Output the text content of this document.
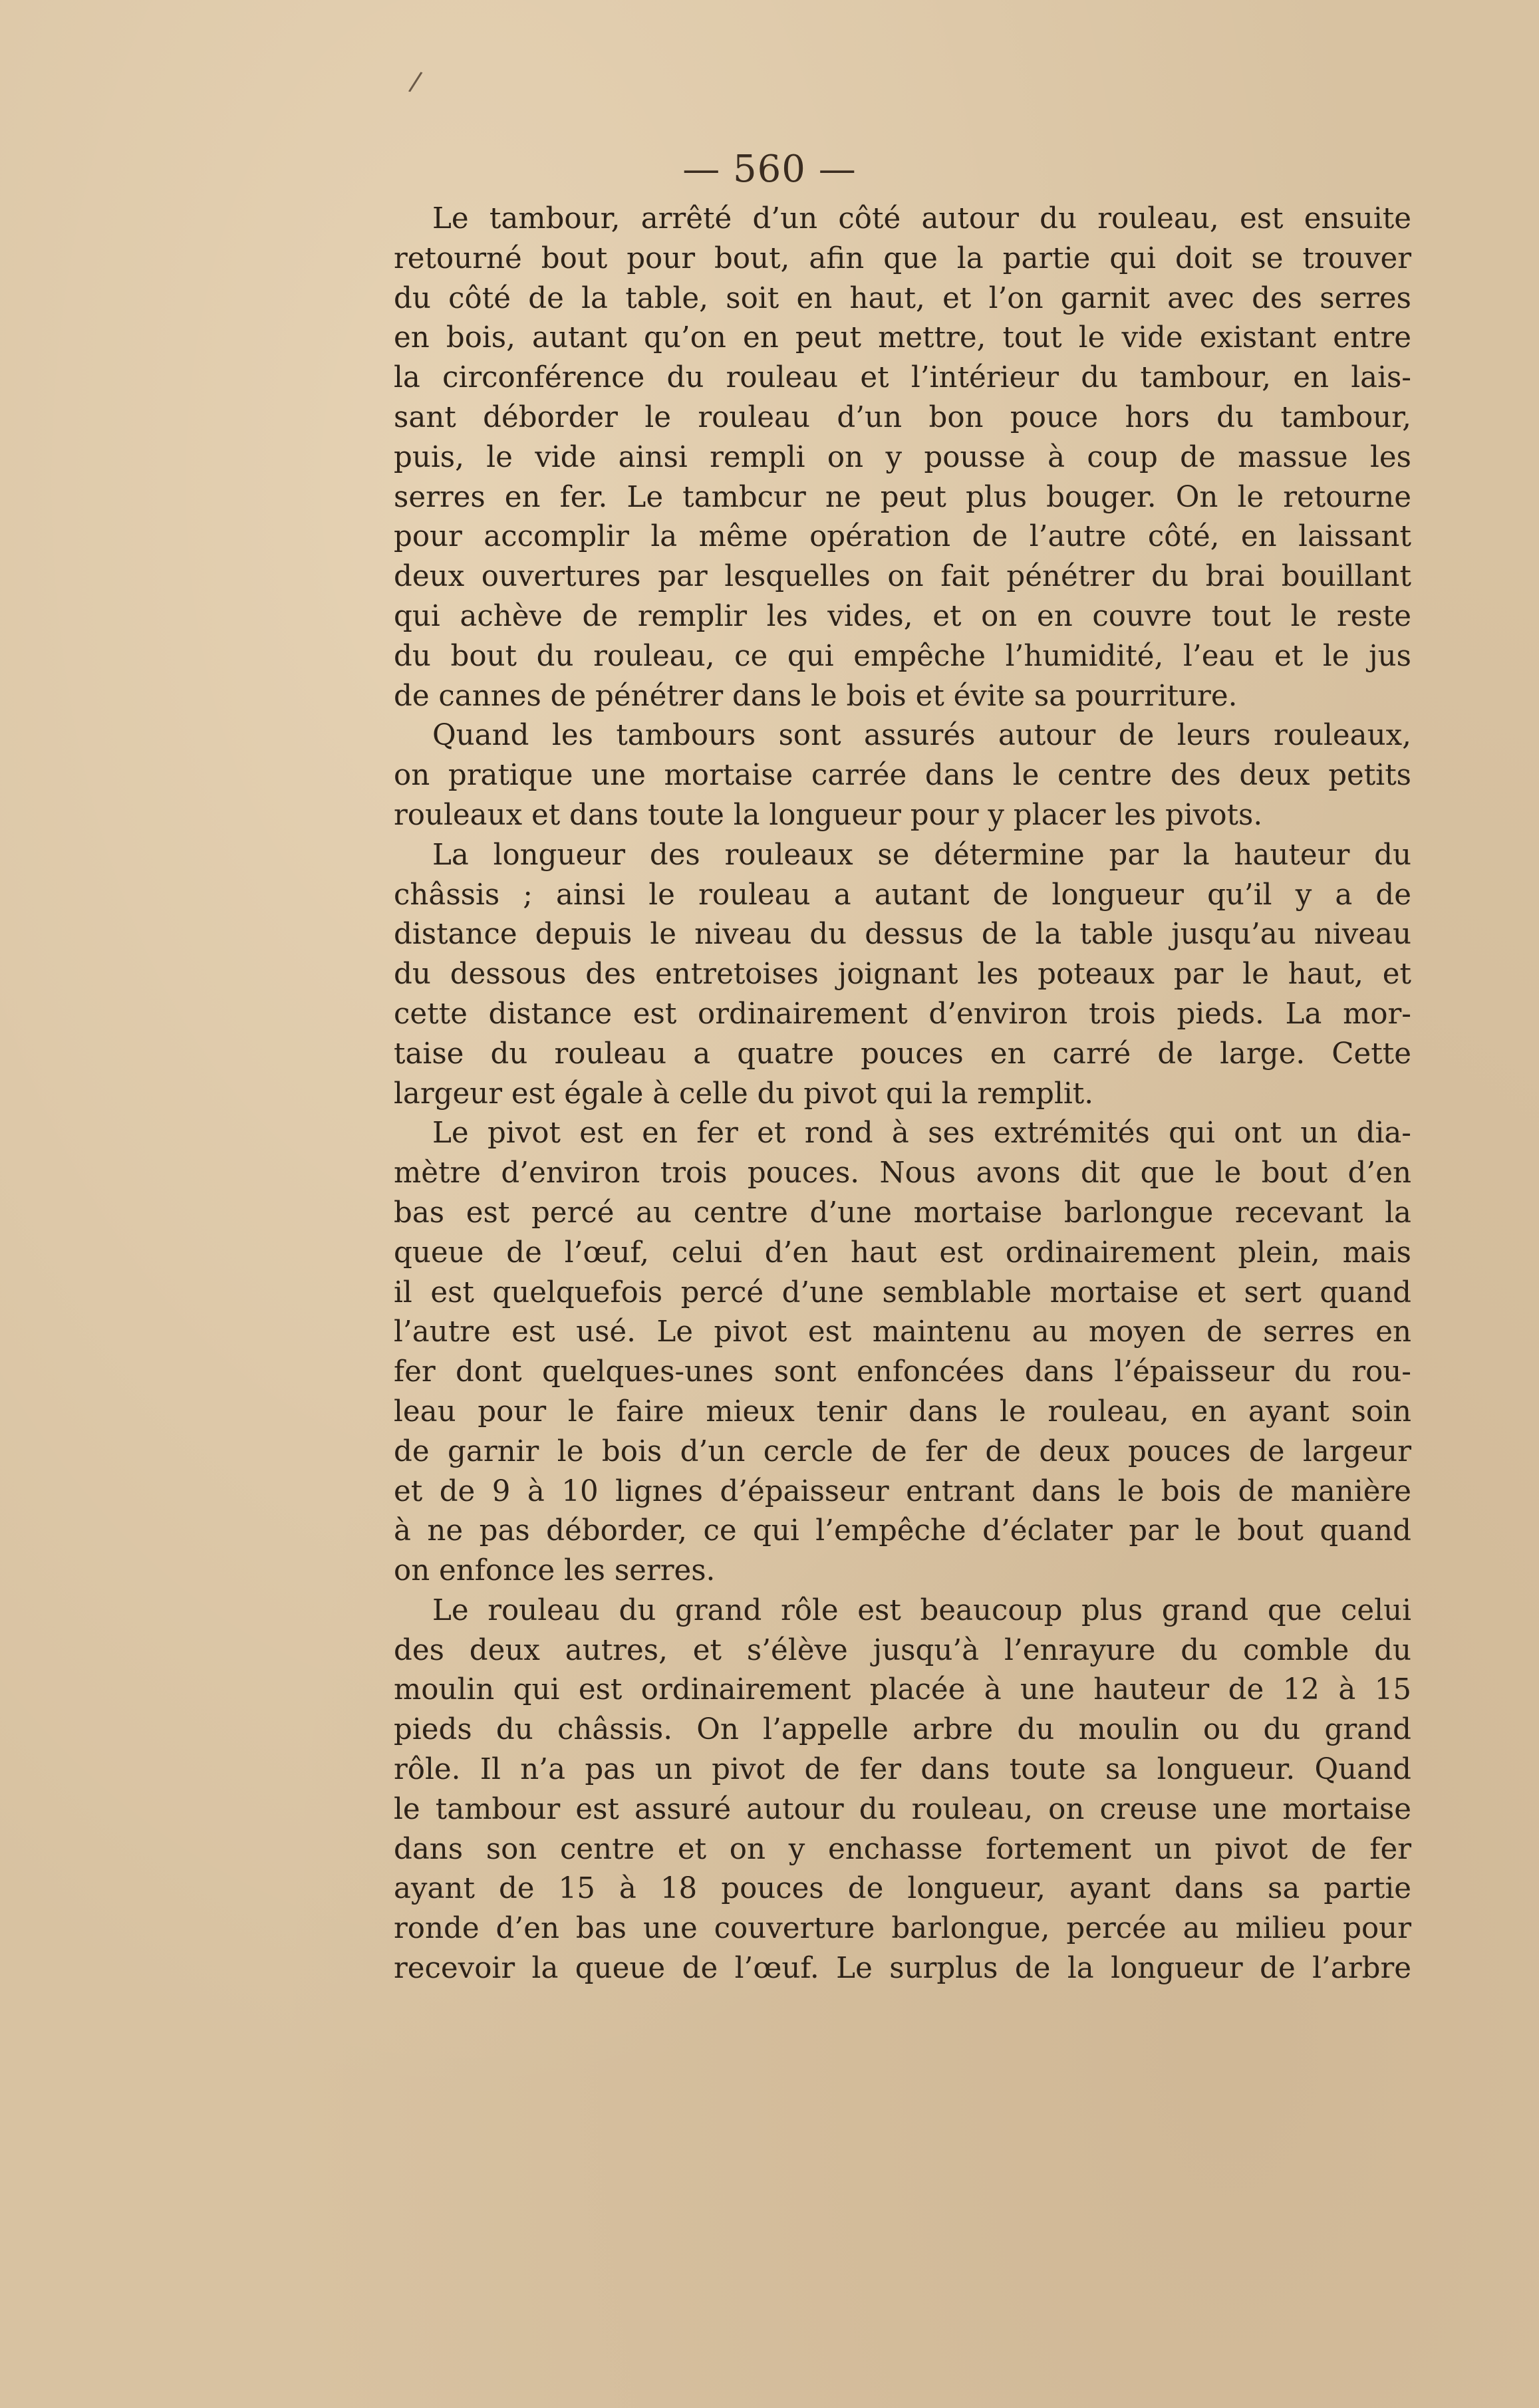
/
— 560 —
Le tambour, arrêté d’un côté autour du rouleau, est ensuite
retourné bout pour bout, afin que la partie qui doit se trouver
du côté de la table, soit en haut, et l’on garnit avec des serres
en bois, autant qu’on en peut mettre, tout le vide existant entre
la circonférence du rouleau et l’intérieur du tambour, en lais-
sant déborder le rouleau d’un bon pouce hors du tambour,
puis, le vide ainsi rempli on y pousse à coup de massue les
serres en fer. Le tambcur ne peut plus bouger. On le retourne
pour accomplir la même opération de l’autre côté, en laissant
deux ouvertures par lesquelles on fait pénétrer du brai bouillant
qui achève de remplir les vides, et on en couvre tout le reste
du bout du rouleau, ce qui empêche l’humidité, l’eau et le jus
de cannes de pénétrer dans le bois et évite sa pourriture.
Quand les tambours sont assurés autour de leurs rouleaux,
on pratique une mortaise carrée dans le centre des deux petits
rouleaux et dans toute la longueur pour y placer les pivots.
La longueur des rouleaux se détermine par la hauteur du
châssis ; ainsi le rouleau a autant de longueur qu’il y a de
distance depuis le niveau du dessus de la table jusqu’au niveau
du dessous des entretoises joignant les poteaux par le haut, et
cette distance est ordinairement d’environ trois pieds. La mor-
taise du rouleau a quatre pouces en carré de large. Cette
largeur est égale à celle du pivot qui la remplit.
Le pivot est en fer et rond à ses extrémités qui ont un dia-
mètre d’environ trois pouces. Nous avons dit que le bout d’en
bas est percé au centre d’une mortaise barlongue recevant la
queue de l’œuf, celui d’en haut est ordinairement plein, mais
il est quelquefois percé d’une semblable mortaise et sert quand
l’autre est usé. Le pivot est maintenu au moyen de serres en
fer dont quelques-unes sont enfoncées dans l’épaisseur du rou-
leau pour le faire mieux tenir dans le rouleau, en ayant soin
de garnir le bois d’un cercle de fer de deux pouces de largeur
et de 9 à 10 lignes d’épaisseur entrant dans le bois de manière
à ne pas déborder, ce qui l’empêche d’éclater par le bout quand
on enfonce les serres.
Le rouleau du grand rôle est beaucoup plus grand que celui
des deux autres, et s’élève jusqu’à l’enrayure du comble du
moulin qui est ordinairement placée à une hauteur de 12 à 15
pieds du châssis. On l’appelle arbre du moulin ou du grand
rôle. Il n’a pas un pivot de fer dans toute sa longueur. Quand
le tambour est assuré autour du rouleau, on creuse une mortaise
dans son centre et on y enchasse fortement un pivot de fer
ayant de 15 à 18 pouces de longueur, ayant dans sa partie
ronde d’en bas une couverture barlongue, percée au milieu pour
recevoir la queue de l’œuf. Le surplus de la longueur de l’arbre
